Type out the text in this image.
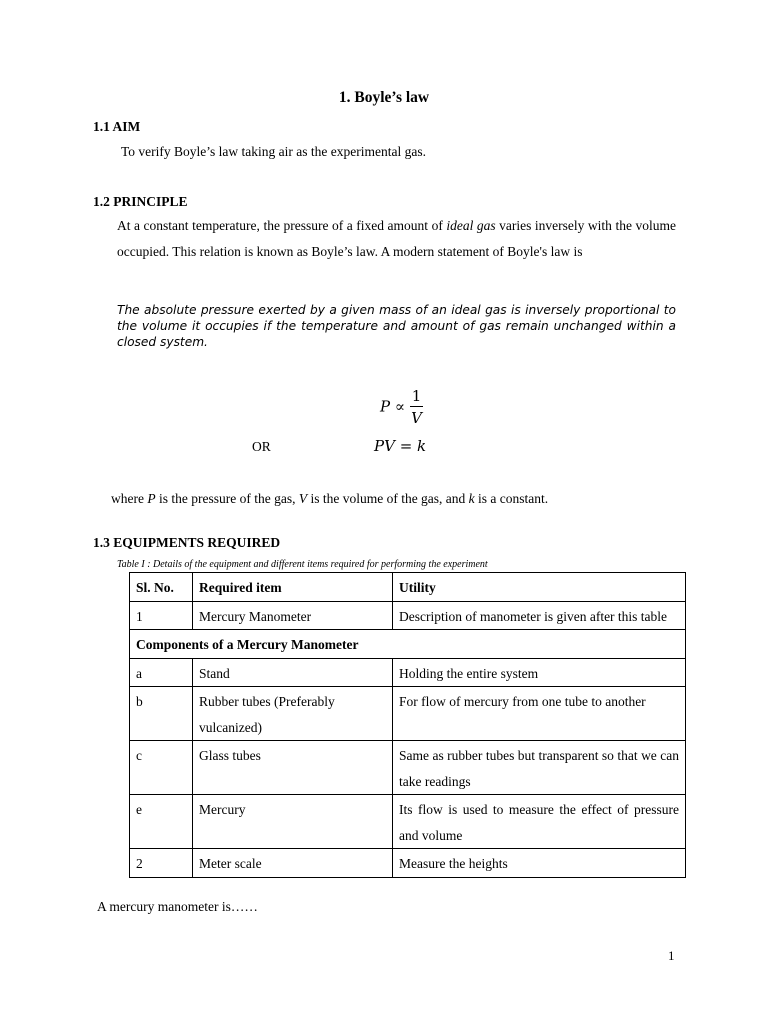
1. Boyle’s law
1.1 AIM
To verify Boyle’s law taking air as the experimental gas.
1.2 PRINCIPLE
At a constant temperature, the pressure of a fixed amount of ideal gas varies inversely with the volume occupied. This relation is known as Boyle’s law. A modern statement of Boyle's law is
The absolute pressure exerted by a given mass of an ideal gas is inversely proportional to the volume it occupies if the temperature and amount of gas remain unchanged within a closed system.
$P \propto \frac{1}{V}$
OR	PV = k
where P is the pressure of the gas, V is the volume of the gas, and k is a constant.
1.3 EQUIPMENTS REQUIRED
Table I : Details of the equipment and different items required for performing the experiment
Sl. No.	Required item	Utility
1	Mercury Manometer	Description of manometer is given after this table
Components of a Mercury Manometer		
a	Stand	Holding the entire system
b	Rubber tubes (Preferably vulcanized)	For flow of mercury from one tube to another
c	Glass tubes	Same as rubber tubes but transparent so that we can take readings
e	Mercury	Its flow is used to measure the effect of pressure and volume
2	Meter scale	Measure the heights
A mercury manometer is……
1
